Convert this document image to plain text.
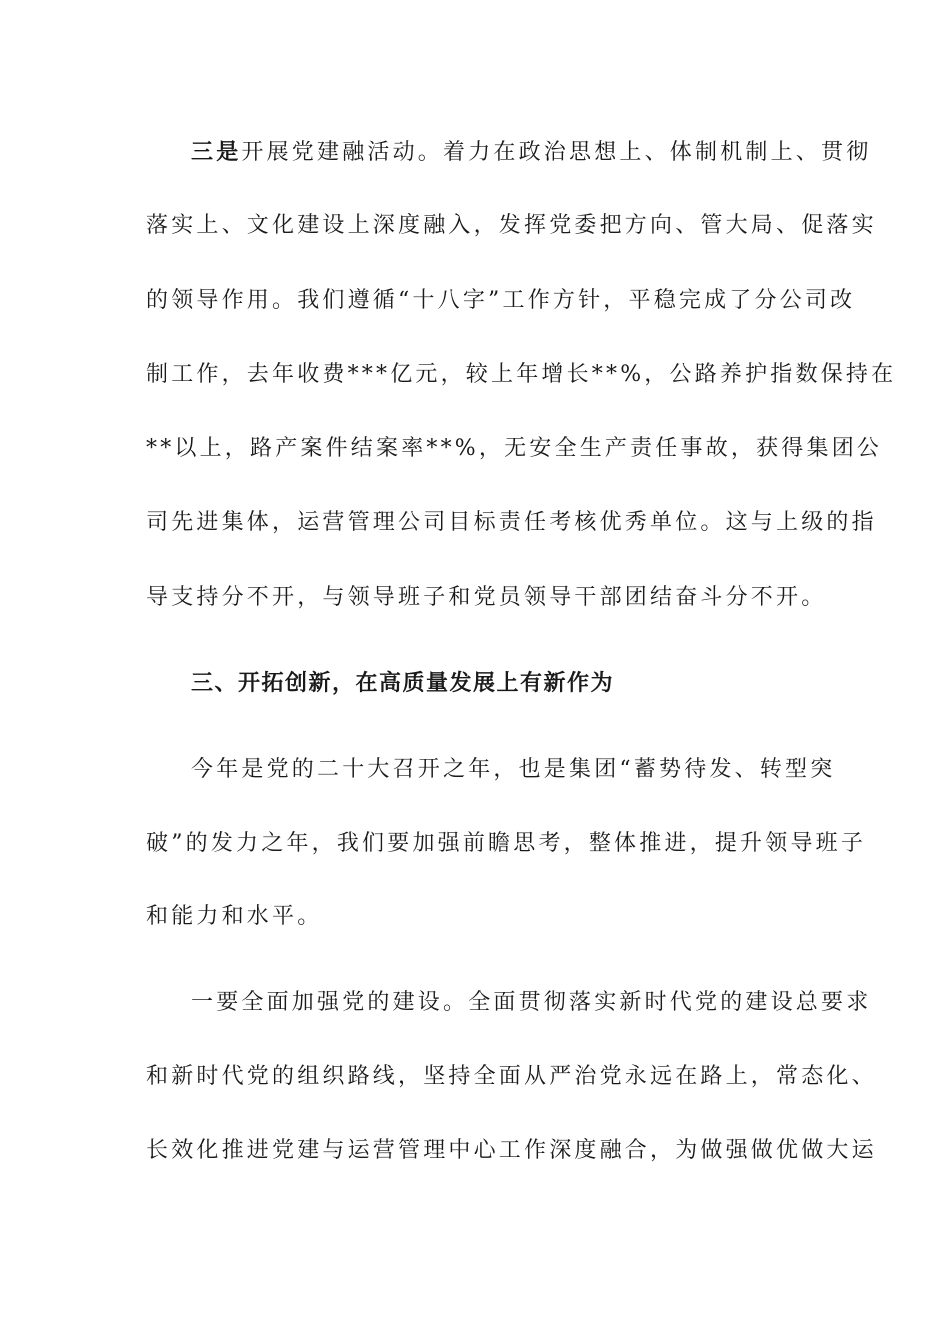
三是开展党建融活动。着力在政治思想上、体制机制上、贯彻
落实上、文化建设上深度融入，发挥党委把方向、管大局、促落实
的领导作用。我们遵循“十八字”工作方针，平稳完成了分公司改
制工作，去年收费***亿元，较上年增长**%，公路养护指数保持在
**以上，路产案件结案率**%，无安全生产责任事故，获得集团公
司先进集体，运营管理公司目标责任考核优秀单位。这与上级的指
导支持分不开，与领导班子和党员领导干部团结奋斗分不开。
三、开拓创新，在高质量发展上有新作为
今年是党的二十大召开之年，也是集团“蓄势待发、转型突
破”的发力之年，我们要加强前瞻思考，整体推进，提升领导班子
和能力和水平。
一要全面加强党的建设。全面贯彻落实新时代党的建设总要求
和新时代党的组织路线，坚持全面从严治党永远在路上，常态化、
长效化推进党建与运营管理中心工作深度融合，为做强做优做大运
